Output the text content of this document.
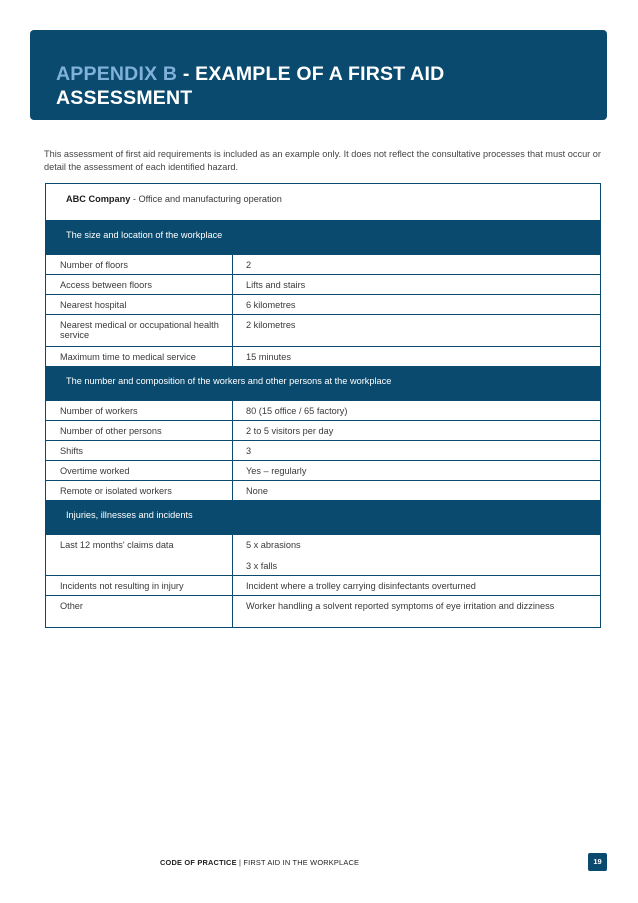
APPENDIX B - EXAMPLE OF A FIRST AID ASSESSMENT

This assessment of first aid requirements is included as an example only. It does not reflect the consultative processes that must occur or detail the assessment of each identified hazard.

ABC Company - Office and manufacturing operation	
The size and location of the workplace	
Number of floors	2
Access between floors	Lifts and stairs
Nearest hospital	6 kilometres
Nearest medical or occupational health service	2 kilometres
Maximum time to medical service	15 minutes
The number and composition of the workers and other persons at the workplace	
Number of workers	80 (15 office / 65 factory)
Number of other persons	2 to 5 visitors per day
Shifts	3
Overtime worked	Yes – regularly
Remote or isolated workers	None
Injuries, illnesses and incidents	
Last 12 months' claims data	5 x abrasions
3 x falls

Incidents not resulting in injury	Incident where a trolley carrying disinfectants overturned
Other	Worker handling a solvent reported symptoms of eye irritation and dizziness
CODE OF PRACTICE | FIRST AID IN THE WORKPLACE	19
